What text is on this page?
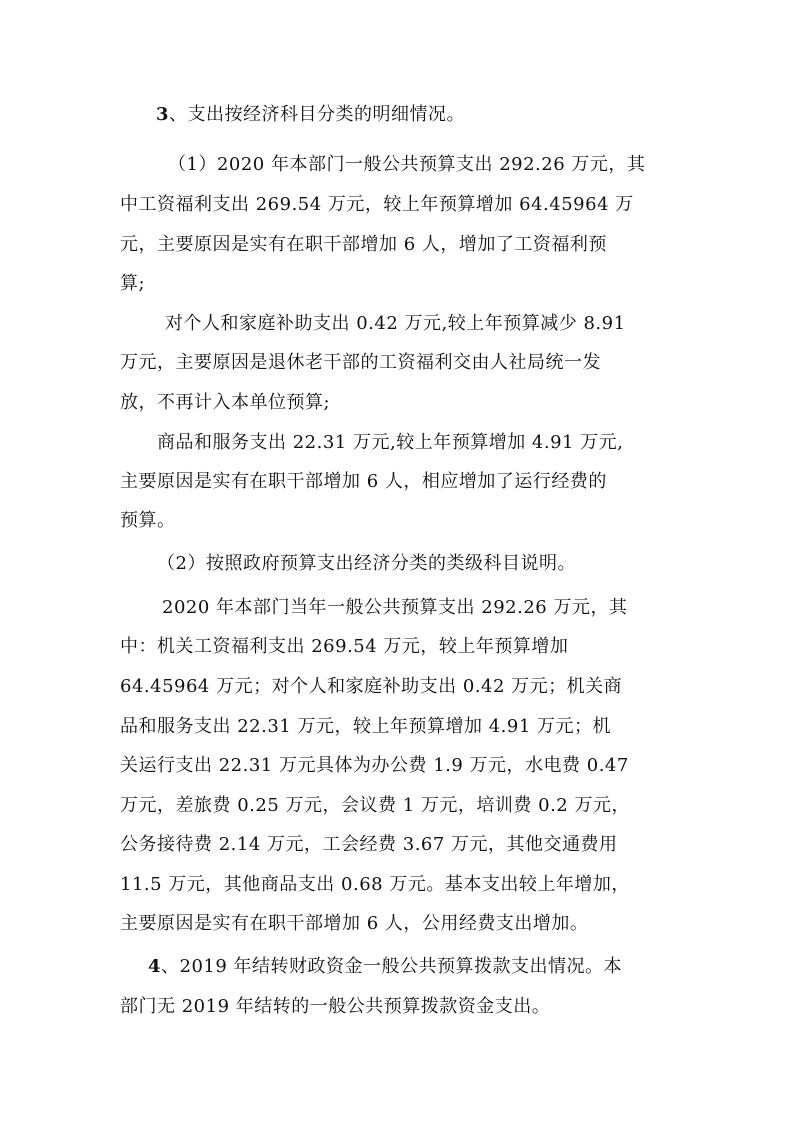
3、支出按经济科目分类的明细情况。
（1）2020 年本部门一般公共预算支出 292.26 万元，其
中工资福利支出 269.54 万元，较上年预算增加 64.45964 万
元，主要原因是实有在职干部增加 6 人，增加了工资福利预
算;
对个人和家庭补助支出 0.42 万元,较上年预算减少 8.91
万元，主要原因是退休老干部的工资福利交由人社局统一发
放，不再计入本单位预算;
商品和服务支出 22.31 万元,较上年预算增加 4.91 万元,
主要原因是实有在职干部增加 6 人，相应增加了运行经费的
预算。
（2）按照政府预算支出经济分类的类级科目说明。
2020 年本部门当年一般公共预算支出 292.26 万元，其
中：机关工资福利支出 269.54 万元，较上年预算增加
64.45964 万元；对个人和家庭补助支出 0.42 万元；机关商
品和服务支出 22.31 万元，较上年预算增加 4.91 万元；机
关运行支出 22.31 万元具体为办公费 1.9 万元，水电费 0.47
万元，差旅费 0.25 万元，会议费 1 万元，培训费 0.2 万元，
公务接待费 2.14 万元，工会经费 3.67 万元，其他交通费用
11.5 万元，其他商品支出 0.68 万元。基本支出较上年增加，
主要原因是实有在职干部增加 6 人，公用经费支出增加。
4、2019 年结转财政资金一般公共预算拨款支出情况。本
部门无 2019 年结转的一般公共预算拨款资金支出。
